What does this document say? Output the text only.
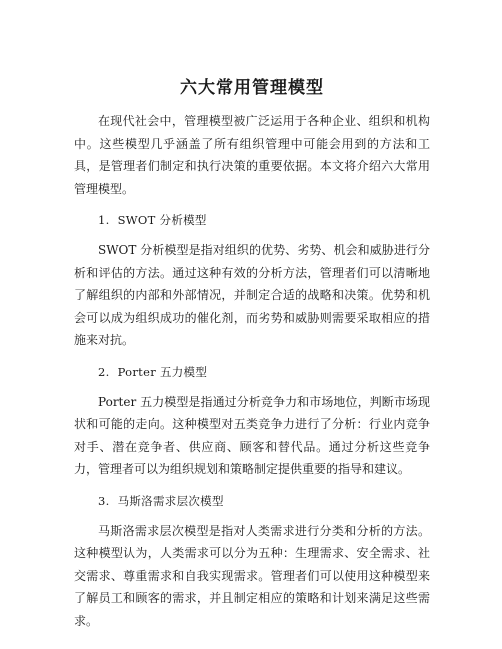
六大常用管理模型

在现代社会中，管理模型被广泛运用于各种企业、组织和机构中。这些模型几乎涵盖了所有组织管理中可能会用到的方法和工具，是管理者们制定和执行决策的重要依据。本文将介绍六大常用管理模型。

1. SWOT 分析模型

SWOT 分析模型是指对组织的优势、劣势、机会和威胁进行分析和评估的方法。通过这种有效的分析方法，管理者们可以清晰地了解组织的内部和外部情况，并制定合适的战略和决策。优势和机会可以成为组织成功的催化剂，而劣势和威胁则需要采取相应的措施来对抗。

2. Porter 五力模型

Porter 五力模型是指通过分析竞争力和市场地位，判断市场现状和可能的走向。这种模型对五类竞争力进行了分析：行业内竞争对手、潜在竞争者、供应商、顾客和替代品。通过分析这些竞争力，管理者可以为组织规划和策略制定提供重要的指导和建议。

3. 马斯洛需求层次模型

马斯洛需求层次模型是指对人类需求进行分类和分析的方法。这种模型认为，人类需求可以分为五种：生理需求、安全需求、社交需求、尊重需求和自我实现需求。管理者们可以使用这种模型来了解员工和顾客的需求，并且制定相应的策略和计划来满足这些需求。
